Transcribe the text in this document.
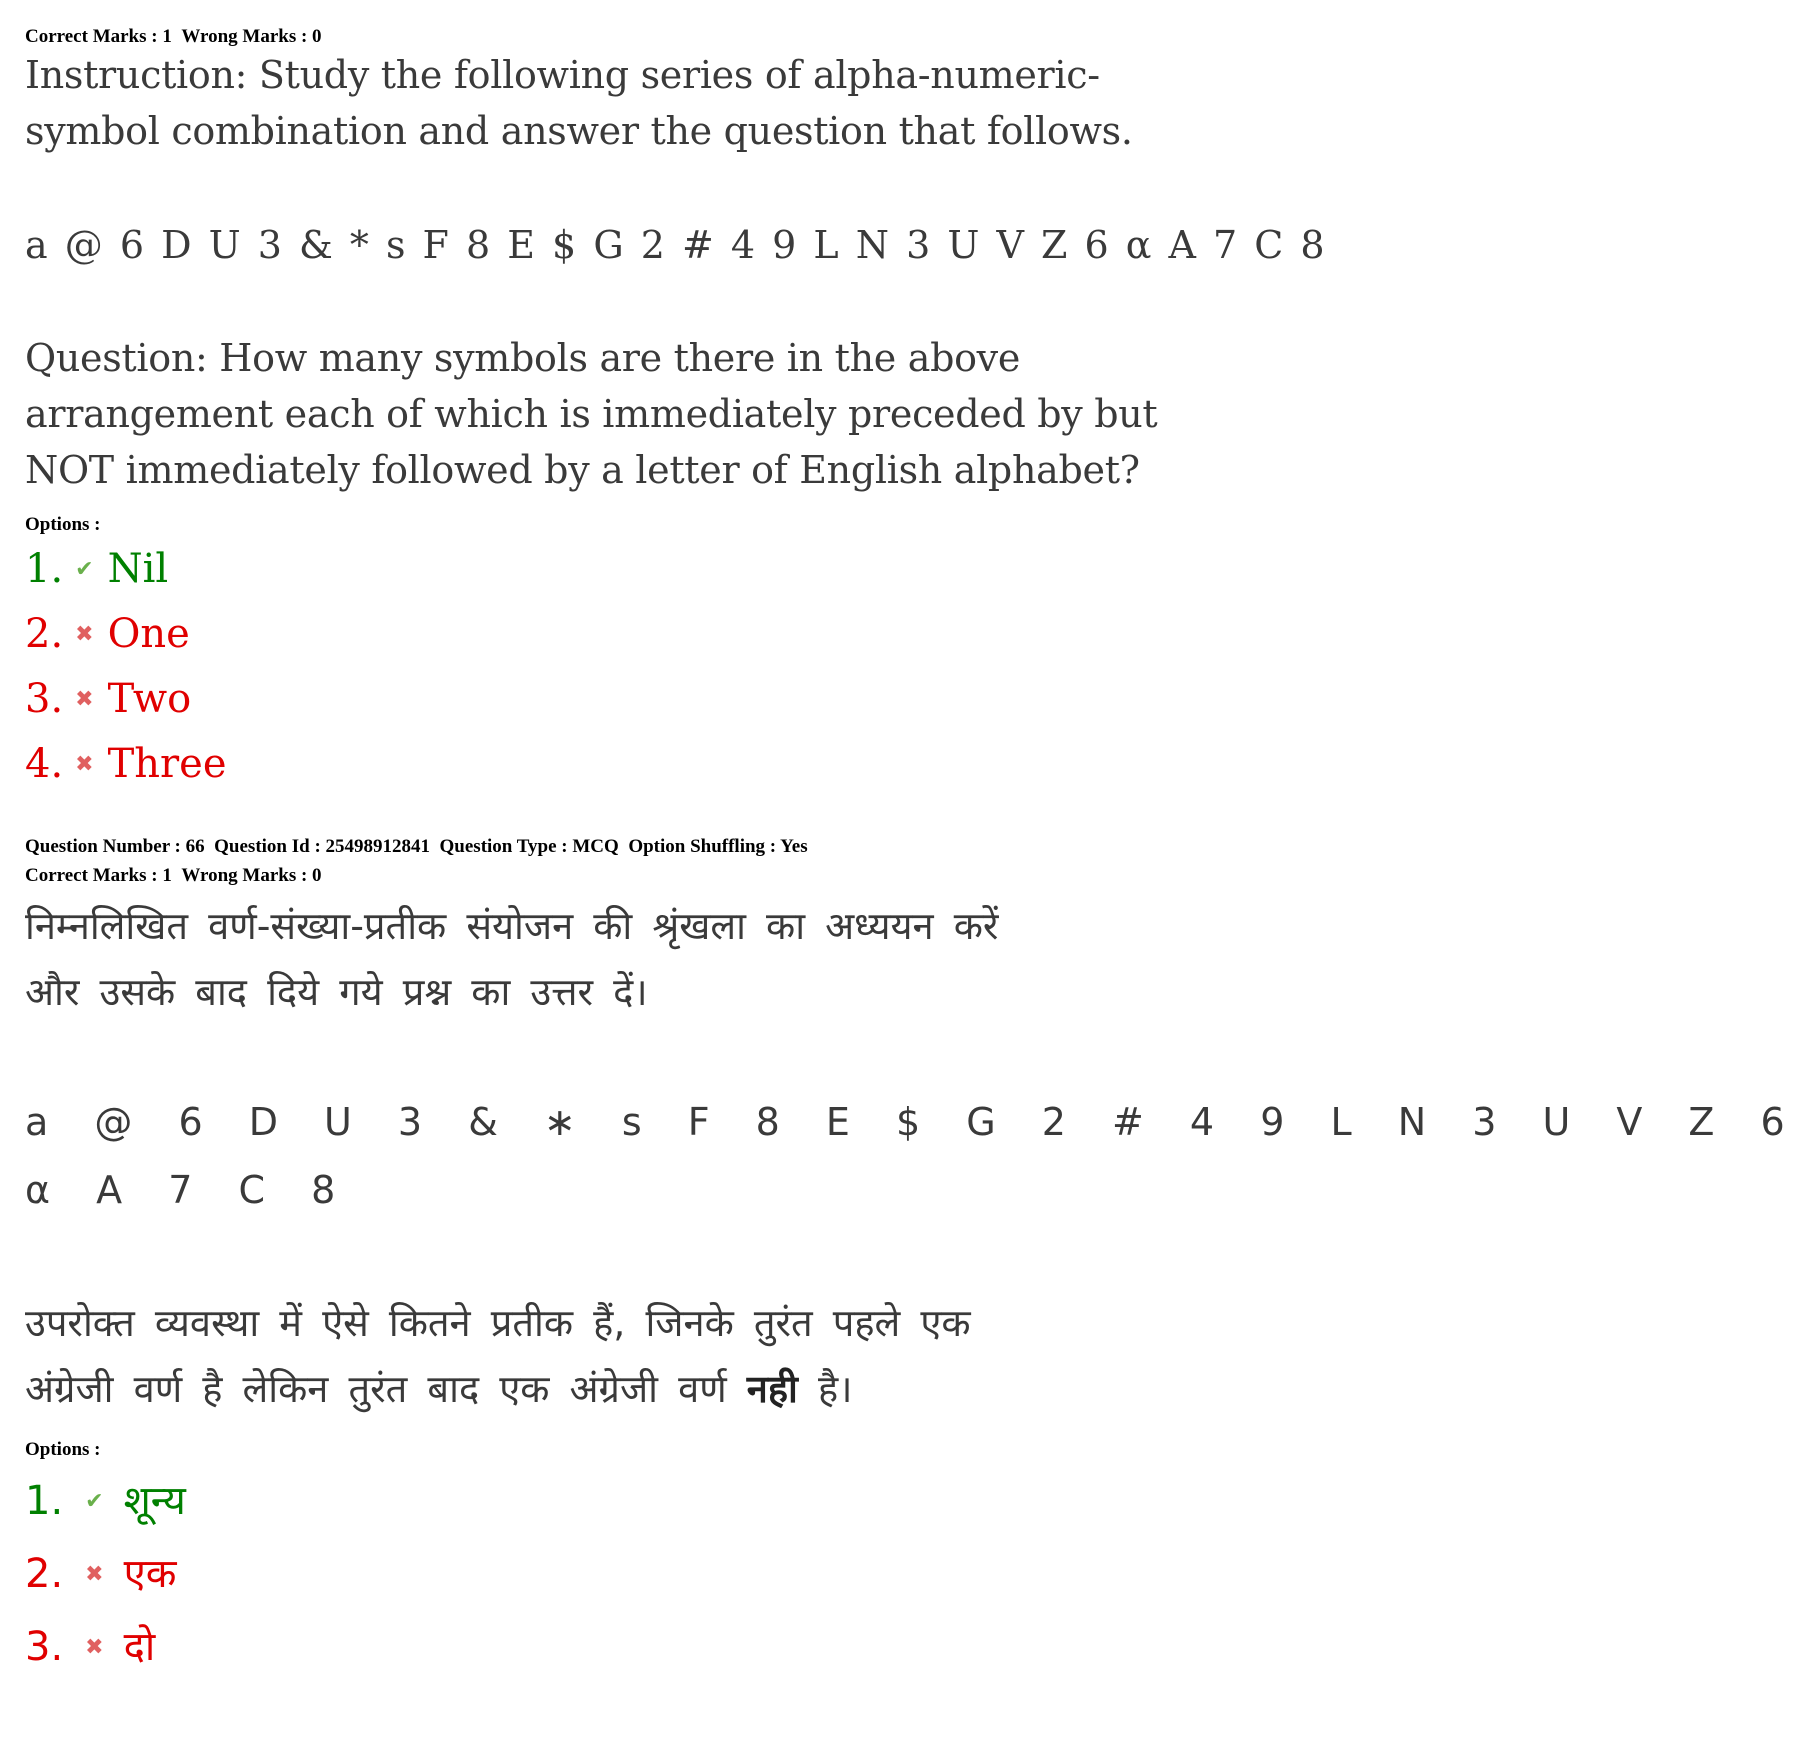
Correct Marks : 1 Wrong Marks : 0
Instruction: Study the following series of alpha-numeric-
symbol combination and answer the question that follows.
a @ 6 D U 3 & * s F 8 E $ G 2 # 4 9 L N 3 U V Z 6 α A 7 C 8
Question: How many symbols are there in the above
arrangement each of which is immediately preceded by but
NOT immediately followed by a letter of English alphabet?
Options :
1. ✔ Nil
2. ✖ One
3. ✖ Two
4. ✖ Three
Question Number : 66 Question Id : 25498912841 Question Type : MCQ Option Shuffling : Yes
Correct Marks : 1 Wrong Marks : 0
निम्नलिखित वर्ण-संख्या-प्रतीक संयोजन की श्रृंखला का अध्ययन करें
और उसके बाद दिये गये प्रश्न का उत्तर दें।
a @ 6 D U 3 & ∗ s F 8 E $ G 2 # 4 9 L N 3 U V Z 6
α A 7 C 8
उपरोक्त व्यवस्था में ऐसे कितने प्रतीक हैं, जिनके तुरंत पहले एक
अंग्रेजी वर्ण है लेकिन तुरंत बाद एक अंग्रेजी वर्ण नही है।
Options :
1. ✔ शून्य
2. ✖ एक
3. ✖ दो
